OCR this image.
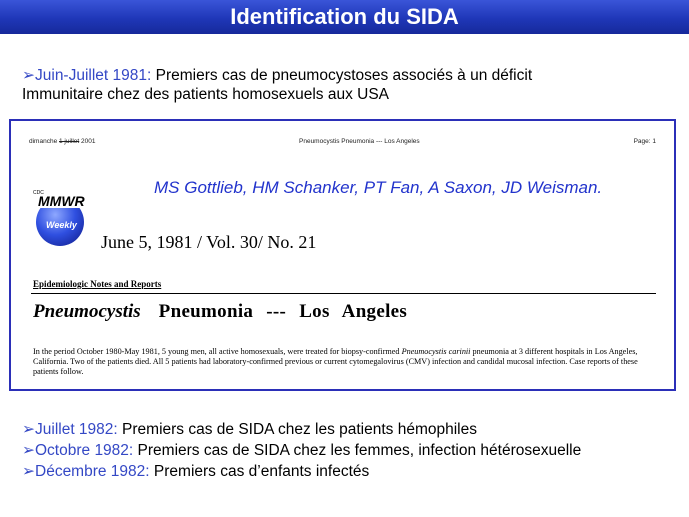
Identification du SIDA
➢Juin-Juillet 1981: Premiers cas de pneumocystoses associés à un déficit
Immunitaire chez des patients homosexuels aux USA
dimanche 1 juillet 2001	Pneumocystis Pneumonia --- Los Angeles	Page: 1
CDC
MMWR
Weekly
MS Gottlieb, HM Schanker, PT Fan, A Saxon, JD Weisman.
June 5, 1981 / Vol. 30/ No. 21
Epidemiologic Notes and Reports
Pneumocystis Pneumonia --- Los Angeles
In the period October 1980-May 1981, 5 young men, all active homosexuals, were treated for biopsy-confirmed Pneumocystis carinii pneumonia at 3 different hospitals in Los Angeles, California. Two of the patients died. All 5 patients had laboratory-confirmed previous or current cytomegalovirus (CMV) infection and candidal mucosal infection. Case reports of these patients follow.
➢Juillet 1982: Premiers cas de SIDA chez les patients hémophiles
➢Octobre 1982: Premiers cas de SIDA chez les femmes, infection hétérosexuelle
➢Décembre 1982: Premiers cas d’enfants infectés
